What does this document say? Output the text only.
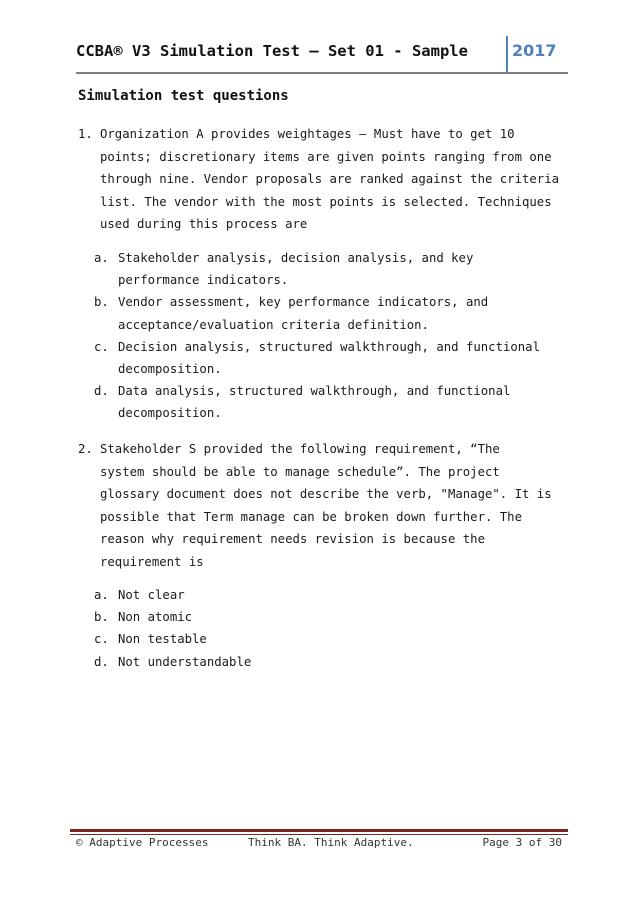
CCBA® V3 Simulation Test – Set 01 - Sample	2017
Simulation test questions
1. Organization A provides weightages – Must have to get 10
points; discretionary items are given points ranging from one
through nine. Vendor proposals are ranked against the criteria
list. The vendor with the most points is selected. Techniques
used during this process are
a. Stakeholder analysis, decision analysis, and key
performance indicators.
b. Vendor assessment, key performance indicators, and
acceptance/evaluation criteria definition.
c. Decision analysis, structured walkthrough, and functional
decomposition.
d. Data analysis, structured walkthrough, and functional
decomposition.
2. Stakeholder S provided the following requirement, “The
system should be able to manage schedule”. The project
glossary document does not describe the verb, "Manage". It is
possible that Term manage can be broken down further. The
reason why requirement needs revision is because the
requirement is
a. Not clear
b. Non atomic
c. Non testable
d. Not understandable
© Adaptive Processes	Think BA. Think Adaptive.	Page 3 of 30
